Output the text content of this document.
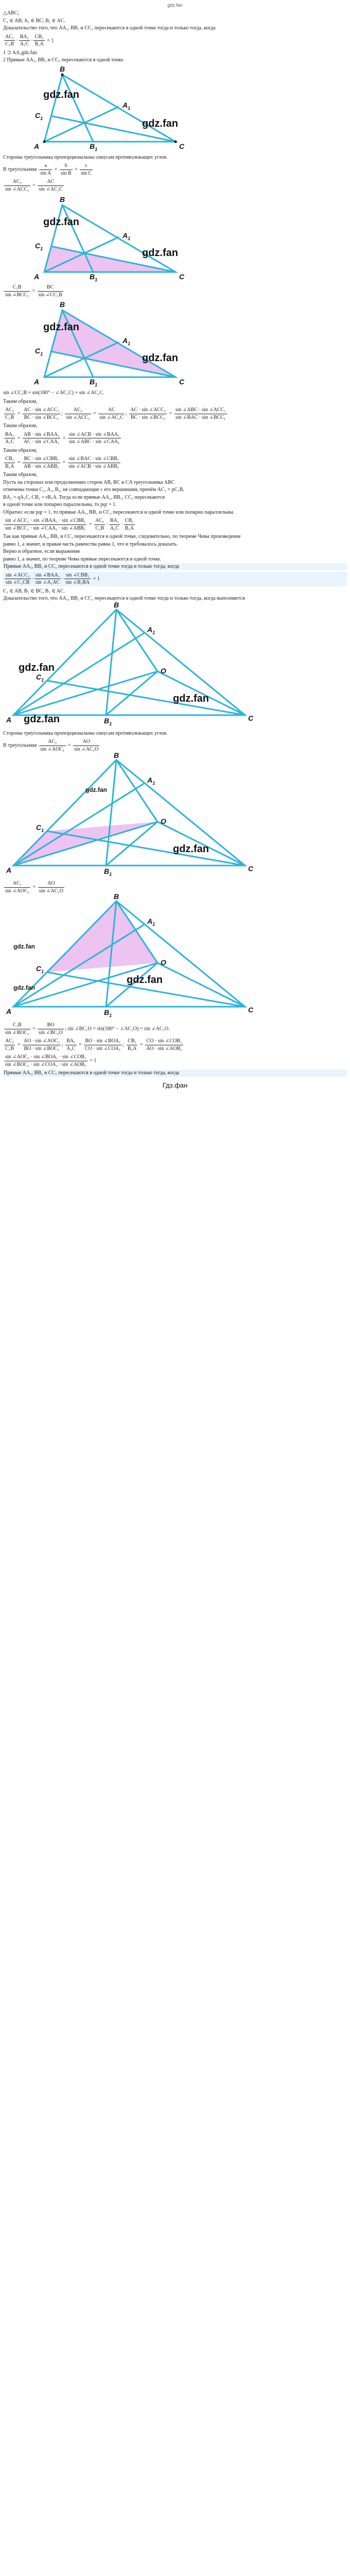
gdz.fan
△ABC;
C₁ ∈ AB; A₁ ∈ BC; B₁ ∈ AC.
Доказательство того, что AA₁, BB₁ и CC₁ пересекаются в одной точке тогда и только тогда, когда
$\frac{\text{AC₁}}{\text{C₁B}} \cdot \frac{\text{BA₁}}{\text{A₁C}} \cdot \frac{\text{CB₁}}{\text{B₁A}} = 1$
1 ⊃ AA₁gdz.fan
2 Прямые AA₁, BB₁ и CC₁ пересекаются в одной точке.
A
B
C
$C_1$
$A_1$
$B_1$
gdz.fan
gdz.fan
Стороны треугольника пропорциональны синусам противолежащих углов.
В треугольнике $\frac{a}{\text{sin A}} = \frac{b}{\text{sin B}} = \frac{c}{\text{sin C}}$
$\frac{\text{AC₁}}{\text{sin ∠ACC₁}} = \frac{AC}{\text{sin ∠AC₁C}}$
A
B
C
$C_1$
$A_1$
$B_1$
gdz.fan
gdz.fan
$\frac{\text{C₁B}}{\text{sin ∠BCC₁}} = \frac{BC}{\text{sin ∠CC₁B}}$
A
B
C
$C_1$
$A_1$
$B_1$
gdz.fan
gdz.fan
sin ∠CC₁B = sin(180° − ∠AC₁C) = sin ∠AC₁C.
Таким образом,
$\frac{\text{AC₁}}{\text{C₁B}} = \frac{\text{AC · sin ∠ACC₁}}{\text{BC · sin ∠BCC₁}}$ ; $\frac{\text{AC₁}}{\text{sin ∠ACC₁}} = \frac{AC}{\text{sin ∠AC₁C}}$ ; $\frac{\text{AC · sin ∠ACC₁}}{\text{BC · sin ∠BCC₁}} = \frac{\text{sin ∠ABC · sin ∠ACC₁}}{\text{sin ∠BAC · sin ∠BCC₁}}$
Таким образом,
$\frac{\text{BA₁}}{\text{A₁C}} = \frac{\text{AB · sin ∠BAA₁}}{\text{AC · sin ∠CAA₁}} = \frac{\text{sin ∠ACB · sin ∠BAA₁}}{\text{sin ∠ABC · sin ∠CAA₁}}$
Таким образом,
$\frac{\text{CB₁}}{\text{B₁A}} = \frac{\text{BC · sin ∠CBB₁}}{\text{AB · sin ∠ABB₁}} = \frac{\text{sin ∠BAC · sin ∠CBB₁}}{\text{sin ∠ACB · sin ∠ABB₁}}$
Таким образом,
Пусть на сторонах или продолжениях сторон AB, BC и CA треугольника ABC
отмечены точки C₁, A₁, B₁, не совпадающие с его вершинами, причём AC₁ = pC₁B,
BA₁ = qA₁C, CB₁ = rB₁A. Тогда если прямые AA₁, BB₁, CC₁ пересекаются
в одной точке или попарно параллельны, то pqr = 1.
Обратно: если pqr = 1, то прямые AA₁, BB₁ и CC₁ пересекаются в одной точке или попарно параллельны.
$\frac{\text{sin ∠ACC₁ · sin ∠BAA₁ · sin ∠CBB₁}}{\text{sin ∠BCC₁ · sin ∠CAA₁ · sin ∠ABB₁}} = \frac{\text{AC₁}}{\text{C₁B}} \cdot \frac{\text{BA₁}}{\text{A₁C}} \cdot \frac{\text{CB₁}}{\text{B₁A}}$
Так как прямые AA₁, BB₁ и CC₁ пересекаются в одной точке, следовательно, по теореме Чевы произведение
равно 1, а значит, и правая часть равенства равна 1, что и требовалось доказать.
Верно и обратное, если выражение
равно 1, а значит, по теореме Чевы прямые пересекаются в одной точке.
Прямые AA₁, BB₁ и CC₁ пересекаются в одной точке тогда и только тогда, когда
$\frac{\text{sin ∠ACC₁}}{\text{sin ∠C₁CB}} \cdot \frac{\text{sin ∠BAA₁}}{\text{sin ∠A₁AC}} \cdot \frac{\text{sin ∠CBB₁}}{\text{sin ∠B₁BA}} = 1$
C₁ ∈ AB, B₁ ∈ BC, B₁ ∈ AC.
Доказательство того, что AA₁, BB₁ и CC₁ пересекаются в одной точке тогда и только тогда, когда выполняется
A
B
C
O
$C_1$
$A_1$
$B_1$
gdz.fan
gdz.fan
gdz.fan
Стороны треугольника пропорциональны синусам противолежащих углов.
В треугольнике $\frac{\text{AC₁}}{\text{sin ∠AOC₁}} = \frac{AO}{\text{sin ∠AC₁O}}$
A
B
C
O
$C_1$
$A_1$
$B_1$
gdz.fan
gdz.fan
$\frac{\text{AC₁}}{\text{sin ∠AOC₁}} = \frac{AO}{\text{sin ∠AC₁O}}$
A
B
C
O
$C_1$
$A_1$
$B_1$
gdz.fan
gdz.fan
gdz.fan
$\frac{\text{C₁B}}{\text{sin ∠BOC₁}} = \frac{BO}{\text{sin ∠BC₁O}}$ ; sin ∠BC₁O = sin(180° − ∠AC₁O) = sin ∠AC₁O.
$\frac{\text{AC₁}}{\text{C₁B}} = \frac{\text{AO · sin ∠AOC₁}}{\text{BO · sin ∠BOC₁}}$ ; $\frac{\text{BA₁}}{\text{A₁C}} = \frac{\text{BO · sin ∠BOA₁}}{\text{CO · sin ∠COA₁}}$ ; $\frac{\text{CB₁}}{\text{B₁A}} = \frac{\text{CO · sin ∠COB₁}}{\text{AO · sin ∠AOB₁}}$
$\frac{\text{sin ∠AOC₁ · sin ∠BOA₁ · sin ∠COB₁}}{\text{sin ∠BOC₁ · sin ∠COA₁ · sin ∠AOB₁}} = 1$
Прямые AA₁, BB₁ и CC₁ пересекаются в одной точке тогда и только тогда, когда
Гдз.фан
